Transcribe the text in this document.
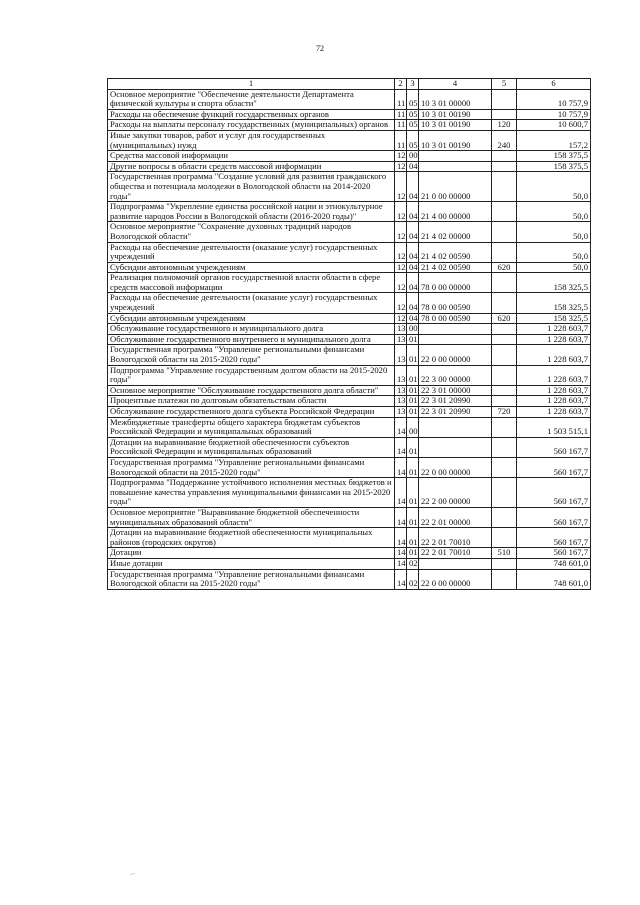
72
1	2	3	4	5	6
Основное мероприятие "Обеспечение деятельности Департамента физической культуры и спорта области"	11	05	10 3 01 00000		10 757,9
Расходы на обеспечение функций государственных органов	11	05	10 3 01 00190		10 757,9
Расходы на выплаты персоналу государственных (муниципальных) органов	11	05	10 3 01 00190	120	10 600,7
Иные закупки товаров, работ и услуг для государственных (муниципальных) нужд	11	05	10 3 01 00190	240	157,2
Средства массовой информации	12	00			158 375,5
Другие вопросы в области средств массовой информации	12	04			158 375,5
Государственная программа "Создание условий для развития гражданского общества и потенциала молодежи в Вологодской области на 2014-2020 годы"	12	04	21 0 00 00000		50,0
Подпрограмма "Укрепление единства российской нации и этнокультурное развитие народов России в Вологодской области (2016-2020 годы)"	12	04	21 4 00 00000		50,0
Основное мероприятие "Сохранение духовных традиций народов Вологодской области"	12	04	21 4 02 00000		50,0
Расходы на обеспечение деятельности (оказание услуг) государственных учреждений	12	04	21 4 02 00590		50,0
Субсидии автономным учреждениям	12	04	21 4 02 00590	620	50,0
Реализация полномочий органов государственной власти области в сфере средств массовой информации	12	04	78 0 00 00000		158 325,5
Расходы на обеспечение деятельности (оказание услуг) государственных учреждений	12	04	78 0 00 00590		158 325,5
Субсидии автономным учреждениям	12	04	78 0 00 00590	620	158 325,5
Обслуживание государственного и муниципального долга	13	00			1 228 603,7
Обслуживание государственного внутреннего и муниципального долга	13	01			1 228 603,7
Государственная программа "Управление региональными финансами Вологодской области на 2015-2020 годы"	13	01	22 0 00 00000		1 228 603,7
Подпрограмма "Управление государственным долгом области на 2015-2020 годы"	13	01	22 3 00 00000		1 228 603,7
Основное мероприятие "Обслуживание государственного долга области"	13	01	22 3 01 00000		1 228 603,7
Процентные платежи по долговым обязательствам области	13	01	22 3 01 20990		1 228 603,7
Обслуживание государственного долга субъекта Российской Федерации	13	01	22 3 01 20990	720	1 228 603,7
Межбюджетные трансферты общего характера бюджетам субъектов Российской Федерации и муниципальных образований	14	00			1 503 515,1
Дотации на выравнивание бюджетной обеспеченности субъектов Российской Федерации и муниципальных образований	14	01			560 167,7
Государственная программа "Управление региональными финансами Вологодской области на 2015-2020 годы"	14	01	22 0 00 00000		560 167,7
Подпрограмма "Поддержание устойчивого исполнения местных бюджетов и повышение качества управления муниципальными финансами на 2015-2020 годы"	14	01	22 2 00 00000		560 167,7
Основное мероприятие "Выравнивание бюджетной обеспеченности муниципальных образований области"	14	01	22 2 01 00000		560 167,7
Дотации на выравнивание бюджетной обеспеченности муниципальных районов (городских округов)	14	01	22 2 01 70010		560 167,7
Дотации	14	01	22 2 01 70010	510	560 167,7
Иные дотации	14	02			748 601,0
Государственная программа "Управление региональными финансами Вологодской области на 2015-2020 годы"	14	02	22 0 00 00000		748 601,0
